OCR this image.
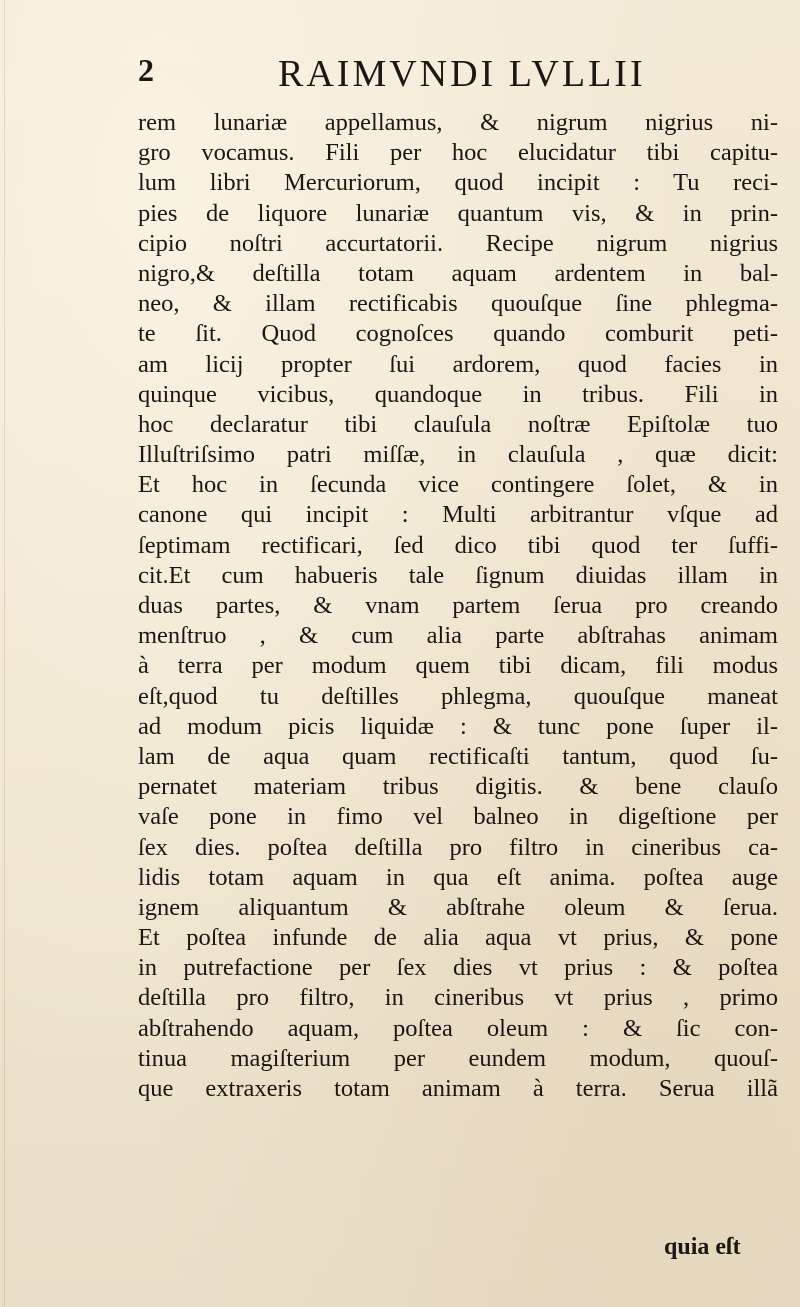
2	RAIMVNDI LVLLII
rem lunariæ appellamus, & nigrum nigrius ni-
gro vocamus. Fili per hoc elucidatur tibi capitu-
lum libri Mercuriorum, quod incipit : Tu reci-
pies de liquore lunariæ quantum vis, & in prin-
cipio noſtri accurtatorii. Recipe nigrum nigrius
nigro,& deſtilla totam aquam ardentem in bal-
neo, & illam rectificabis quouſque ſine phlegma-
te ſit. Quod cognoſces quando comburit peti-
am licij propter ſui ardorem, quod facies in
quinque vicibus, quandoque in tribus. Fili in
hoc declaratur tibi clauſula noſtræ Epiſtolæ tuo
Illuſtriſsimo patri miſſæ, in clauſula , quæ dicit:
Et hoc in ſecunda vice contingere ſolet, & in
canone qui incipit : Multi arbitrantur vſque ad
ſeptimam rectificari, ſed dico tibi quod ter ſuffi-
cit.Et cum habueris tale ſignum diuidas illam in
duas partes, & vnam partem ſerua pro creando
menſtruo , & cum alia parte abſtrahas animam
à terra per modum quem tibi dicam, fili modus
eſt,quod tu deſtilles phlegma, quouſque maneat
ad modum picis liquidæ : & tunc pone ſuper il-
lam de aqua quam rectificaſti tantum, quod ſu-
pernatet materiam tribus digitis. & bene clauſo
vaſe pone in fimo vel balneo in digeſtione per
ſex dies. poſtea deſtilla pro filtro in cineribus ca-
lidis totam aquam in qua eſt anima. poſtea auge
ignem aliquantum & abſtrahe oleum & ſerua.
Et poſtea infunde de alia aqua vt prius, & pone
in putrefactione per ſex dies vt prius : & poſtea
deſtilla pro filtro, in cineribus vt prius , primo
abſtrahendo aquam, poſtea oleum : & ſic con-
tinua magiſterium per eundem modum, quouſ-
que extraxeris totam animam à terra. Serua illã
quia eſt
